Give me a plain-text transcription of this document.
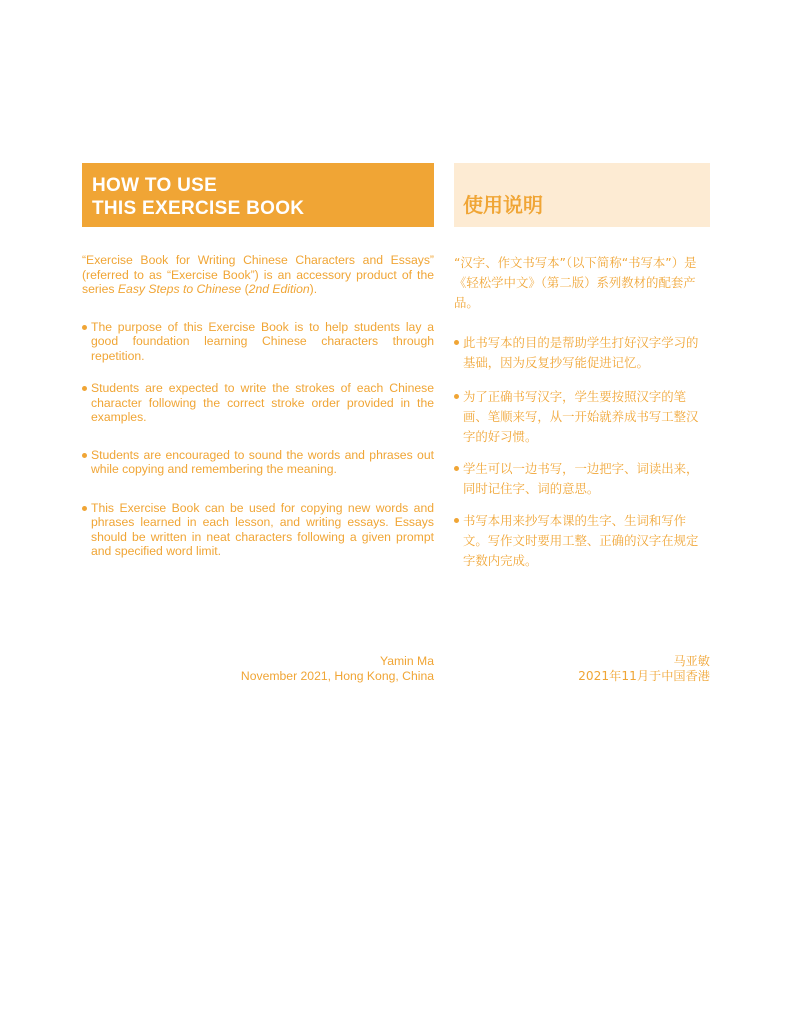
HOW TO USE
THIS EXERCISE BOOK	使用说明

“Exercise Book for Writing Chinese Characters and Essays” (referred to as “Exercise Book”) is an accessory product of the series Easy Steps to Chinese (2nd Edition).

The purpose of this Exercise Book is to help students lay a good foundation learning Chinese characters through repetition.
Students are expected to write the strokes of each Chinese character following the correct stroke order provided in the examples.
Students are encouraged to sound the words and phrases out while copying and remembering the meaning.
This Exercise Book can be used for copying new words and phrases learned in each lesson, and writing essays. Essays should be written in neat characters following a given prompt and specified word limit.
“汉字、作文书写本”（以下简称“书写本”）是《轻松学中文》（第二版）系列教材的配套产品。
此书写本的目的是帮助学生打好汉字学习的基础，因为反复抄写能促进记忆。
为了正确书写汉字，学生要按照汉字的笔画、笔顺来写，从一开始就养成书写工整汉字的好习惯。
学生可以一边书写，一边把字、词读出来，同时记住字、词的意思。
书写本用来抄写本课的生字、生词和写作文。写作文时要用工整、正确的汉字在规定字数内完成。
Yamin Ma
November 2021, Hong Kong, China
马亚敏
2021年11月于中国香港
